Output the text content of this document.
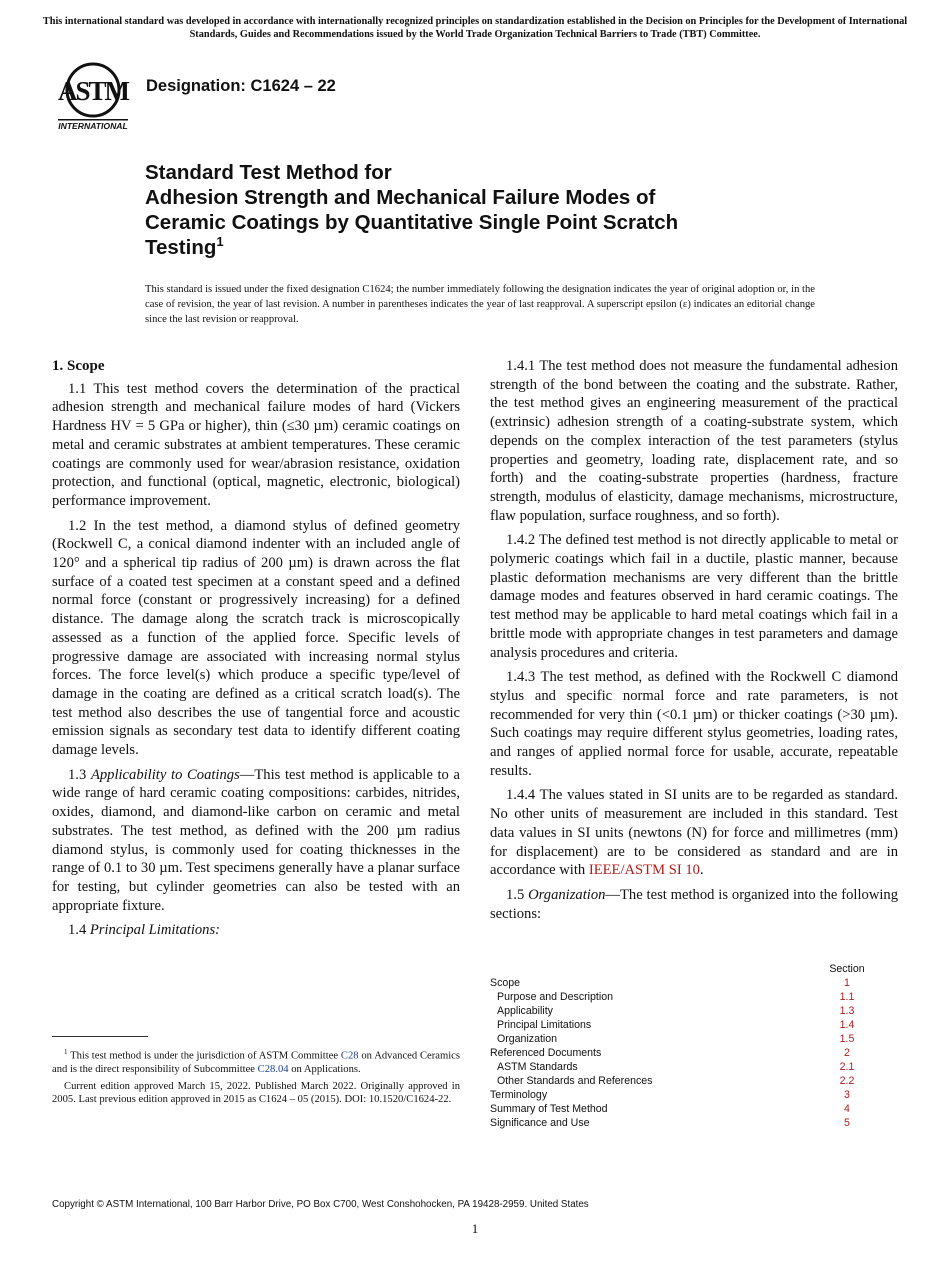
This international standard was developed in accordance with internationally recognized principles on standardization established in the Decision on Principles for the Development of International Standards, Guides and Recommendations issued by the World Trade Organization Technical Barriers to Trade (TBT) Committee.
ASTM
INTERNATIONAL
Designation: C1624 – 22
Standard Test Method for
Adhesion Strength and Mechanical Failure Modes of
Ceramic Coatings by Quantitative Single Point Scratch
Testing$^1$
This standard is issued under the fixed designation C1624; the number immediately following the designation indicates the year of original adoption or, in the case of revision, the year of last revision. A number in parentheses indicates the year of last reapproval. A superscript epsilon (ε) indicates an editorial change since the last revision or reapproval.
1. Scope

1.1 This test method covers the determination of the practical adhesion strength and mechanical failure modes of hard (Vickers Hardness HV = 5 GPa or higher), thin (≤30 µm) ceramic coatings on metal and ceramic substrates at ambient temperatures. These ceramic coatings are commonly used for wear/abrasion resistance, oxidation protection, and functional (optical, magnetic, electronic, biological) performance improvement.

1.2 In the test method, a diamond stylus of defined geometry (Rockwell C, a conical diamond indenter with an included angle of 120° and a spherical tip radius of 200 µm) is drawn across the flat surface of a coated test specimen at a constant speed and a defined normal force (constant or progressively increasing) for a defined distance. The damage along the scratch track is microscopically assessed as a function of the applied force. Specific levels of progressive damage are associated with increasing normal stylus forces. The force level(s) which produce a specific type/level of damage in the coating are defined as a critical scratch load(s). The test method also describes the use of tangential force and acoustic emission signals as secondary test data to identify different coating damage levels.

1.3 Applicability to Coatings—This test method is applicable to a wide range of hard ceramic coating compositions: carbides, nitrides, oxides, diamond, and diamond-like carbon on ceramic and metal substrates. The test method, as defined with the 200 µm radius diamond stylus, is commonly used for coating thicknesses in the range of 0.1 to 30 µm. Test specimens generally have a planar surface for testing, but cylinder geometries can also be tested with an appropriate fixture.

1.4 Principal Limitations:

1.4.1 The test method does not measure the fundamental adhesion strength of the bond between the coating and the substrate. Rather, the test method gives an engineering measurement of the practical (extrinsic) adhesion strength of a coating-substrate system, which depends on the complex interaction of the test parameters (stylus properties and geometry, loading rate, displacement rate, and so forth) and the coating-substrate properties (hardness, fracture strength, modulus of elasticity, damage mechanisms, microstructure, flaw population, surface roughness, and so forth).

1.4.2 The defined test method is not directly applicable to metal or polymeric coatings which fail in a ductile, plastic manner, because plastic deformation mechanisms are very different than the brittle damage modes and features observed in hard ceramic coatings. The test method may be applicable to hard metal coatings which fail in a brittle mode with appropriate changes in test parameters and damage analysis procedures and criteria.

1.4.3 The test method, as defined with the Rockwell C diamond stylus and specific normal force and rate parameters, is not recommended for very thin (<0.1 µm) or thicker coatings (>30 µm). Such coatings may require different stylus geometries, loading rates, and ranges of applied normal force for usable, accurate, repeatable results.

1.4.4 The values stated in SI units are to be regarded as standard. No other units of measurement are included in this standard. Test data values in SI units (newtons (N) for force and millimetres (mm) for displacement) are to be considered as standard and are in accordance with IEEE/ASTM SI 10.

1.5 Organization—The test method is organized into the following sections:

Section
Scope	1
Purpose and Description	1.1
Applicability	1.3
Principal Limitations	1.4
Organization	1.5
Referenced Documents	2
ASTM Standards	2.1
Other Standards and References	2.2
Terminology	3
Summary of Test Method	4
Significance and Use	5

$^1$ This test method is under the jurisdiction of ASTM Committee C28 on Advanced Ceramics and is the direct responsibility of Subcommittee C28.04 on Applications.

Current edition approved March 15, 2022. Published March 2022. Originally approved in 2005. Last previous edition approved in 2015 as C1624 – 05 (2015). DOI: 10.1520/C1624-22.

Copyright © ASTM International, 100 Barr Harbor Drive, PO Box C700, West Conshohocken, PA 19428-2959. United States
1
